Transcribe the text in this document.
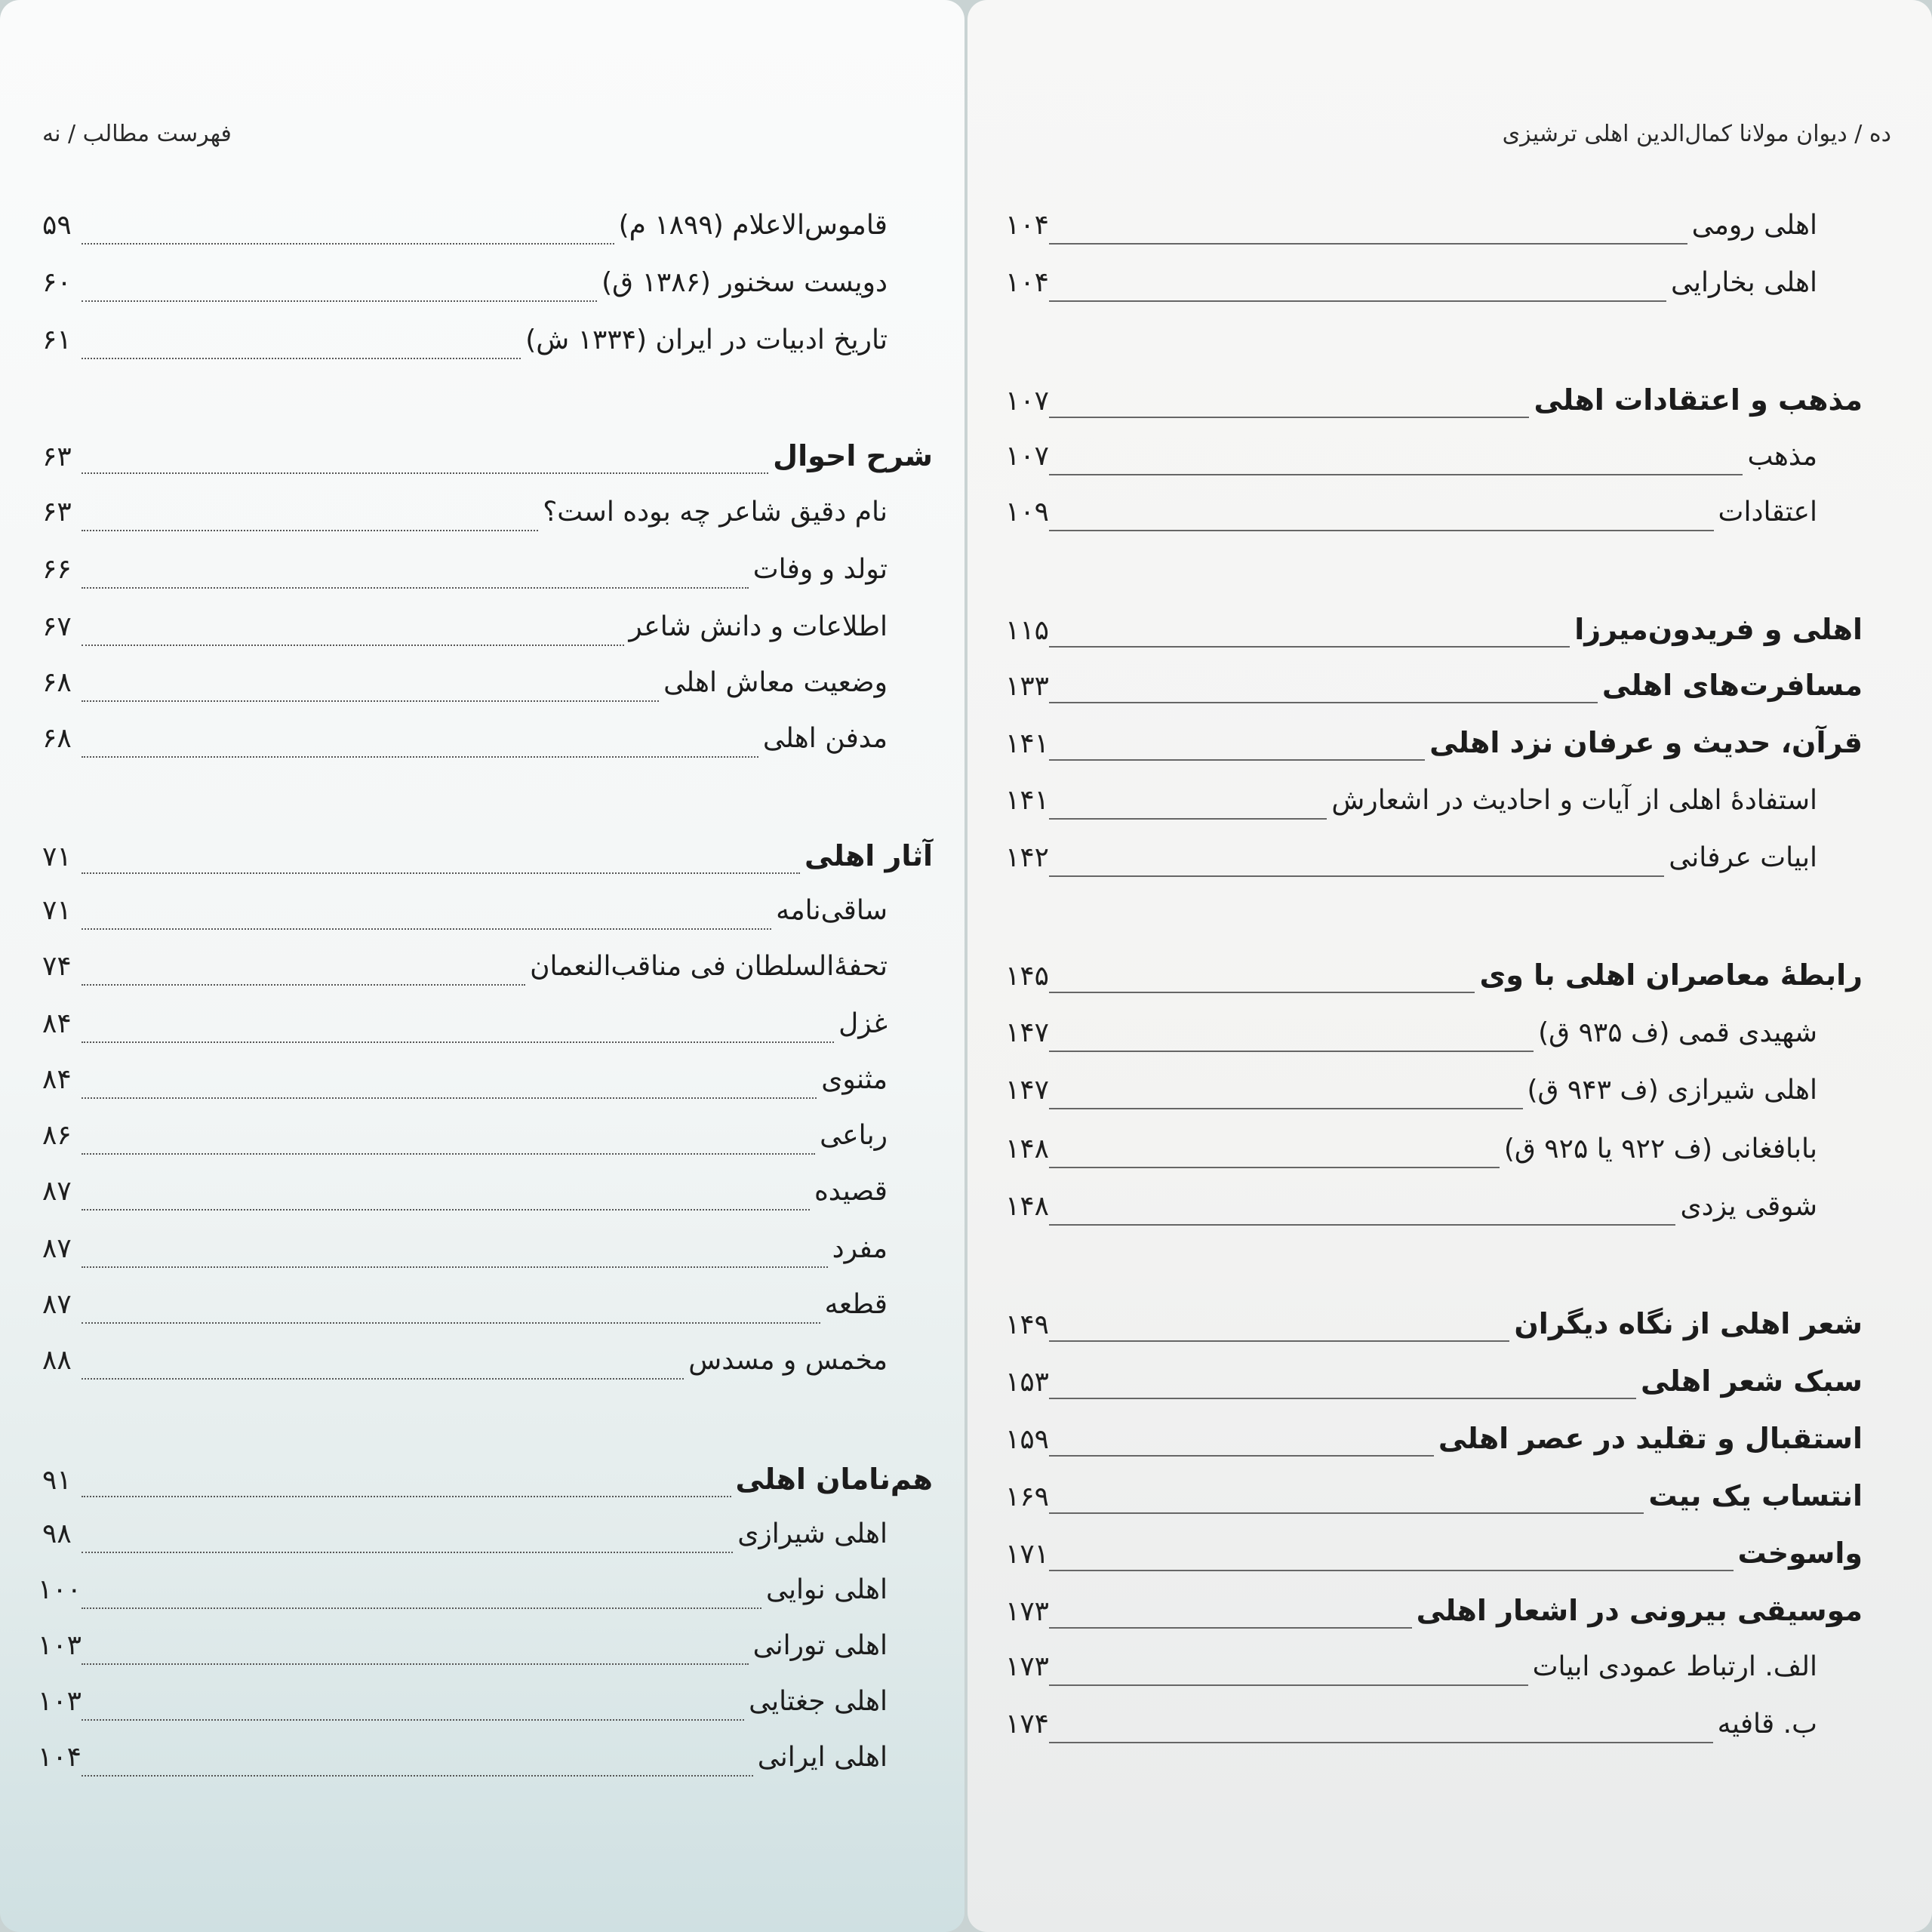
فهرست مطالب / نه
۵۹	قاموس‌الاعلام (۱۸۹۹ م)
۶۰	دویست سخنور (۱۳۸۶ ق)
۶۱	تاریخ ادبیات در ایران (۱۳۳۴ ش)
۶۳	شرح احوال
۶۳	نام دقیق شاعر چه بوده است؟
۶۶	تولد و وفات
۶۷	اطلاعات و دانش شاعر
۶۸	وضعیت معاش اهلی
۶۸	مدفن اهلی
۷۱	آثار اهلی
۷۱	ساقی‌نامه
۷۴	تحفهٔ‌السلطان فی مناقب‌النعمان
۸۴	غزل
۸۴	مثنوی
۸۶	رباعی
۸۷	قصیده
۸۷	مفرد
۸۷	قطعه
۸۸	مخمس و مسدس
۹۱	هم‌نامان اهلی
۹۸	اهلی شیرازی
۱۰۰	اهلی نوایی
۱۰۳	اهلی تورانی
۱۰۳	اهلی جغتایی
۱۰۴	اهلی ایرانی
ده / دیوان مولانا کمال‌الدین اهلی ترشیزی
۱۰۴	اهلی رومی
۱۰۴	اهلی بخارایی
۱۰۷	مذهب و اعتقادات اهلی
۱۰۷	مذهب
۱۰۹	اعتقادات
۱۱۵	اهلی و فریدون‌میرزا
۱۳۳	مسافرت‌های اهلی
۱۴۱	قرآن، حدیث و عرفان نزد اهلی
۱۴۱	استفادهٔ اهلی از آیات و احادیث در اشعارش
۱۴۲	ابیات عرفانی
۱۴۵	رابطهٔ معاصران اهلی با وی
۱۴۷	شهیدی قمی (ف ۹۳۵ ق)
۱۴۷	اهلی شیرازی (ف ۹۴۳ ق)
۱۴۸	بابافغانی (ف ۹۲۲ یا ۹۲۵ ق)
۱۴۸	شوقی یزدی
۱۴۹	شعر اهلی از نگاه دیگران
۱۵۳	سبک شعر اهلی
۱۵۹	استقبال و تقلید در عصر اهلی
۱۶۹	انتساب یک بیت
۱۷۱	واسوخت
۱۷۳	موسیقی بیرونی در اشعار اهلی
۱۷۳	الف. ارتباط عمودی ابیات
۱۷۴	ب. قافیه
